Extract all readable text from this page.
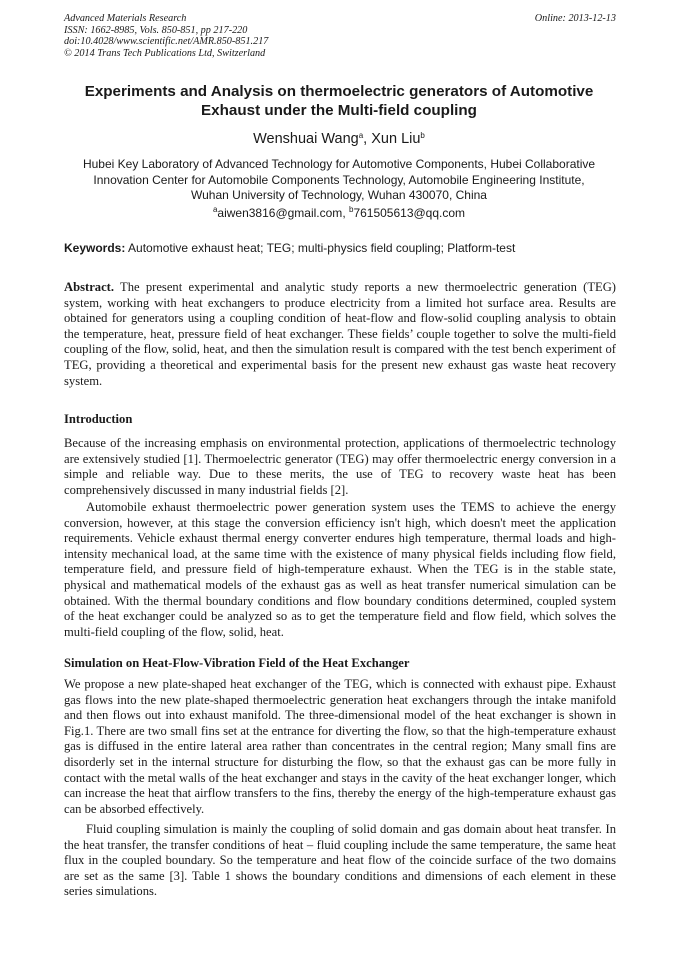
Advanced Materials Research
ISSN: 1662-8985, Vols. 850-851, pp 217-220
doi:10.4028/www.scientific.net/AMR.850-851.217
© 2014 Trans Tech Publications Ltd, Switzerland
Online: 2013-12-13
Experiments and Analysis on thermoelectric generators of Automotive
Exhaust under the Multi-field coupling
Wenshuai Wang$^a$, Xun Liu$^b$
Hubei Key Laboratory of Advanced Technology for Automotive Components, Hubei Collaborative
Innovation Center for Automobile Components Technology, Automobile Engineering Institute,
Wuhan University of Technology, Wuhan 430070, China
$^a$aiwen3816@gmail.com, $^b$761505613@qq.com
Keywords: Automotive exhaust heat; TEG; multi-physics field coupling; Platform-test
Abstract. The present experimental and analytic study reports a new thermoelectric generation (TEG) system, working with heat exchangers to produce electricity from a limited hot surface area. Results are obtained for generators using a coupling condition of heat-flow and flow-solid coupling analysis to obtain the temperature, heat, pressure field of heat exchanger. These fields’ couple together to solve the multi-field coupling of the flow, solid, heat, and then the simulation result is compared with the test bench experiment of TEG, providing a theoretical and experimental basis for the present new exhaust gas waste heat recovery system.
Introduction

Because of the increasing emphasis on environmental protection, applications of thermoelectric technology are extensively studied [1]. Thermoelectric generator (TEG) may offer thermoelectric energy conversion in a simple and reliable way. Due to these merits, the use of TEG to recovery waste heat has been comprehensively discussed in many industrial fields [2].

Automobile exhaust thermoelectric power generation system uses the TEMS to achieve the energy conversion, however, at this stage the conversion efficiency isn't high, which doesn't meet the application requirements. Vehicle exhaust thermal energy converter endures high temperature, thermal loads and high-intensity mechanical load, at the same time with the existence of many physical fields including flow field, temperature field, and pressure field of high-temperature exhaust. When the TEG is in the stable state, physical and mathematical models of the exhaust gas as well as heat transfer numerical simulation can be obtained. With the thermal boundary conditions and flow boundary conditions determined, coupled system of the heat exchanger could be analyzed so as to get the temperature field and flow field, which solves the multi-field coupling of the flow, solid, heat.

Simulation on Heat-Flow-Vibration Field of the Heat Exchanger

We propose a new plate-shaped heat exchanger of the TEG, which is connected with exhaust pipe. Exhaust gas flows into the new plate-shaped thermoelectric generation heat exchangers through the intake manifold and then flows out into exhaust manifold. The three-dimensional model of the heat exchanger is shown in Fig.1. There are two small fins set at the entrance for diverting the flow, so that the high-temperature exhaust gas is diffused in the entire lateral area rather than concentrates in the central region; Many small fins are disorderly set in the internal structure for disturbing the flow, so that the exhaust gas can be more fully in contact with the metal walls of the heat exchanger and stays in the cavity of the heat exchanger longer, which can increase the heat that airflow transfers to the fins, thereby the energy of the high-temperature exhaust gas can be absorbed effectively.

Fluid coupling simulation is mainly the coupling of solid domain and gas domain about heat transfer. In the heat transfer, the transfer conditions of heat – fluid coupling include the same temperature, the same heat flux in the coupled boundary. So the temperature and heat flow of the coincide surface of the two domains are set as the same [3]. Table 1 shows the boundary conditions and dimensions of each element in these series simulations.
